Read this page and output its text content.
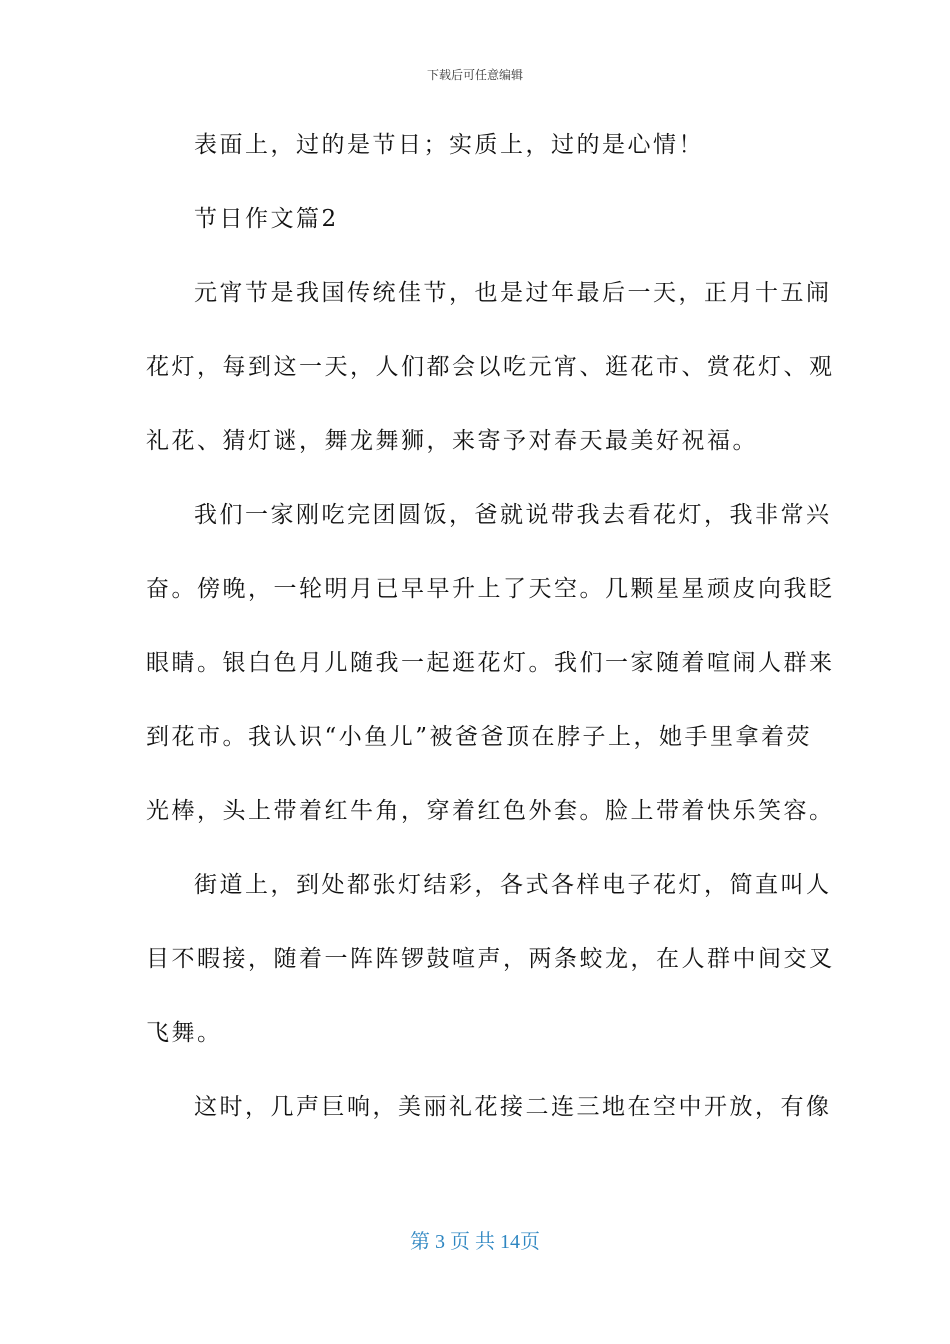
下载后可任意编辑
表面上，过的是节日；实质上，过的是心情！
节日作文篇2
元宵节是我国传统佳节，也是过年最后一天，正月十五闹
花灯，每到这一天，人们都会以吃元宵、逛花市、赏花灯、观
礼花、猜灯谜，舞龙舞狮，来寄予对春天最美好祝福。
我们一家刚吃完团圆饭，爸就说带我去看花灯，我非常兴
奋。傍晚，一轮明月已早早升上了天空。几颗星星顽皮向我眨
眼睛。银白色月儿随我一起逛花灯。我们一家随着喧闹人群来
到花市。我认识“小鱼儿”被爸爸顶在脖子上，她手里拿着荧
光棒，头上带着红牛角，穿着红色外套。脸上带着快乐笑容。
街道上，到处都张灯结彩，各式各样电子花灯，简直叫人
目不暇接，随着一阵阵锣鼓喧声，两条蛟龙，在人群中间交叉
飞舞。
这时，几声巨响，美丽礼花接二连三地在空中开放，有像
第 3 页 共 14页
